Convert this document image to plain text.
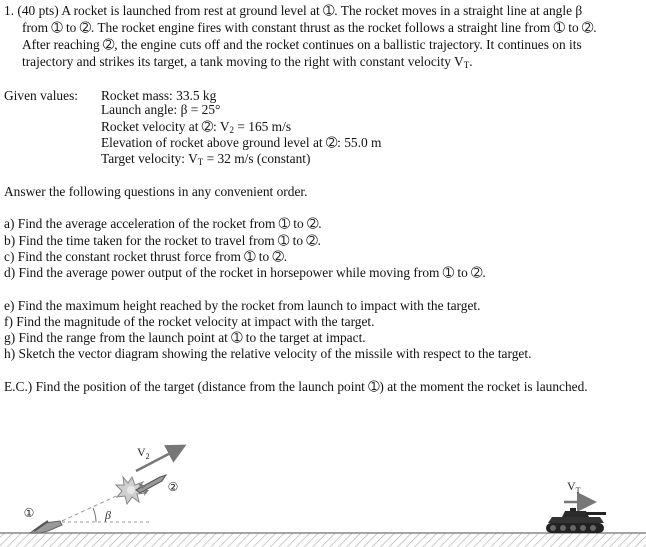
1. (40 pts) A rocket is launched from rest at ground level at ➀. The rocket moves in a straight line at angle β
from ➀ to ➁. The rocket engine fires with constant thrust as the rocket follows a straight line from ➀ to ➁.
After reaching ➁, the engine cuts off and the rocket continues on a ballistic trajectory. It continues on its
trajectory and strikes its target, a tank moving to the right with constant velocity $V_T$.
Given values: Rocket mass: 33.5 kg
Launch angle: β = 25°
Rocket velocity at ➁: $V_2 = 165$ m/s
Elevation of rocket above ground level at ➁: 55.0 m
Target velocity: $V_T = 32$ m/s (constant)
Answer the following questions in any convenient order.
a) Find the average acceleration of the rocket from ➀ to ➁.
b) Find the time taken for the rocket to travel from ➀ to ➁.
c) Find the constant rocket thrust force from ➀ to ➁.
d) Find the average power output of the rocket in horsepower while moving from ➀ to ➁.
e) Find the maximum height reached by the rocket from launch to impact with the target.
f) Find the magnitude of the rocket velocity at impact with the target.
g) Find the range from the launch point at ➀ to the target at impact.
h) Sketch the vector diagram showing the relative velocity of the missile with respect to the target.
E.C.) Find the position of the target (distance from the launch point ➀) at the moment the rocket is launched.
①	β
②
$V_2$
$V_T$
